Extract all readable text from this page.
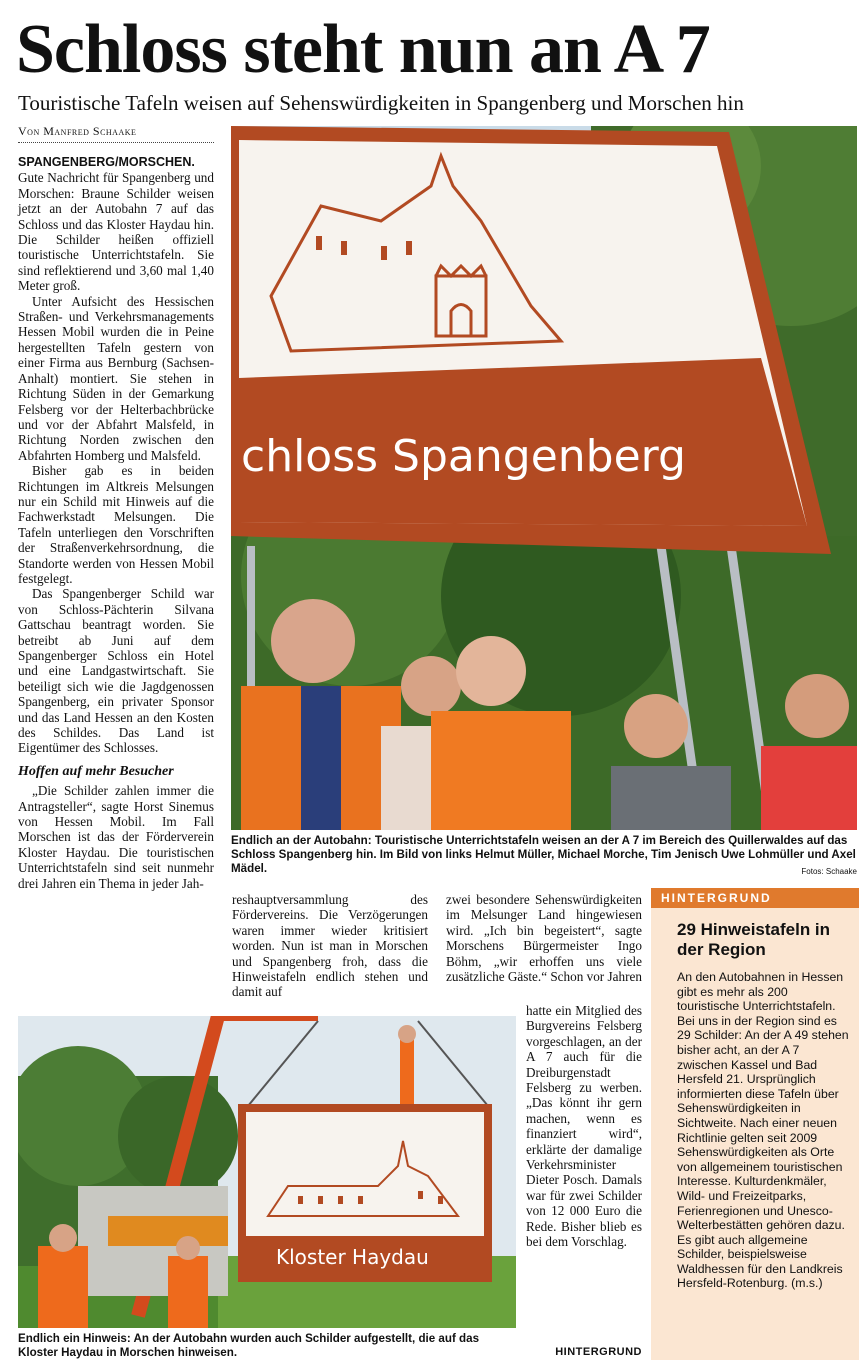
Schloss steht nun an A 7
Touristische Tafeln weisen auf Sehenswürdigkeiten in Spangenberg und Morschen hin
Von Manfred Schaake

SPANGENBERG/MORSCHEN. Gute Nachricht für Spangenberg und Morschen: Braune Schilder weisen jetzt an der Autobahn 7 auf das Schloss und das Kloster Haydau hin. Die Schilder heißen offiziell touristische Unterrichtstafeln. Sie sind reflektierend und 3,60 mal 1,40 Meter groß.

Unter Aufsicht des Hessischen Straßen- und Verkehrsmanagements Hessen Mobil wurden die in Peine hergestellten Tafeln gestern von einer Firma aus Bernburg (Sachsen-Anhalt) montiert. Sie stehen in Richtung Süden in der Gemarkung Felsberg vor der Helterbachbrücke und vor der Abfahrt Malsfeld, in Richtung Norden zwischen den Abfahrten Homberg und Malsfeld.

Bisher gab es in beiden Richtungen im Altkreis Melsungen nur ein Schild mit Hinweis auf die Fachwerkstadt Melsungen. Die Tafeln unterliegen den Vorschriften der Straßenverkehrsordnung, die Standorte werden von Hessen Mobil festgelegt.

Das Spangenberger Schild war von Schloss-Pächterin Silvana Gattschau beantragt worden. Sie betreibt ab Juni auf dem Spangenberger Schloss ein Hotel und eine Landgastwirtschaft. Sie beteiligt sich wie die Jagdgenossen Spangenberg, ein privater Sponsor und das Land Hessen an den Kosten des Schildes. Das Land ist Eigentümer des Schlosses.

Hoffen auf mehr Besucher

„Die Schilder zahlen immer die Antragsteller“, sagte Horst Sinemus von Hessen Mobil. Im Fall Morschen ist das der Förderverein Kloster Haydau. Die touristischen Unterrichtstafeln sind seit nunmehr drei Jahren ein Thema in jeder Jah-

chloss Spangenberg
Endlich an der Autobahn: Touristische Unterrichtstafeln weisen an der A 7 im Bereich des Quillerwaldes auf das Schloss Spangenberg hin. Im Bild von links Helmut Müller, Michael Morche, Tim Jenisch Uwe Lohmüller und Axel Mädel.	Fotos: Schaake

reshauptversammlung des Fördervereins. Die Verzögerungen waren immer wieder kritisiert worden. Nun ist man in Morschen und Spangenberg froh, dass die Hinweistafeln endlich stehen und damit auf

zwei besondere Sehenswürdigkeiten im Melsunger Land hingewiesen wird. „Ich bin begeistert“, sagte Morschens Bürgermeister Ingo Böhm, „wir erhoffen uns viele zusätzliche Gäste.“ Schon vor Jahren

hatte ein Mitglied des Burgvereins Felsberg vorgeschlagen, an der A 7 auch für die Dreiburgenstadt Felsberg zu werben. „Das könnt ihr gern machen, wenn es finanziert wird“, erklärte der damalige Verkehrsminister Dieter Posch. Damals war für zwei Schilder von 12 000 Euro die Rede. Bisher blieb es bei dem Vorschlag.

HINTERGRUND
Kloster Haydau
Endlich ein Hinweis: An der Autobahn wurden auch Schilder aufgestellt, die auf das Kloster Haydau in Morschen hinweisen.
HINTERGRUND
29 Hinweistafeln in der Region
An den Autobahnen in Hessen gibt es mehr als 200 touristische Unterrichtstafeln. Bei uns in der Region sind es 29 Schilder: An der A 49 stehen bisher acht, an der A 7 zwischen Kassel und Bad Hersfeld 21. Ursprünglich informierten diese Tafeln über Sehenswürdigkeiten in Sichtweite. Nach einer neuen Richtlinie gelten seit 2009 Sehenswürdigkeiten als Orte von allgemeinem touristischen Interesse. Kulturdenkmäler, Wild- und Freizeitparks, Ferienregionen und Unesco-Welterbestätten gehören dazu. Es gibt auch allgemeine Schilder, beispielsweise Waldhessen für den Landkreis Hersfeld-Rotenburg. (m.s.)
